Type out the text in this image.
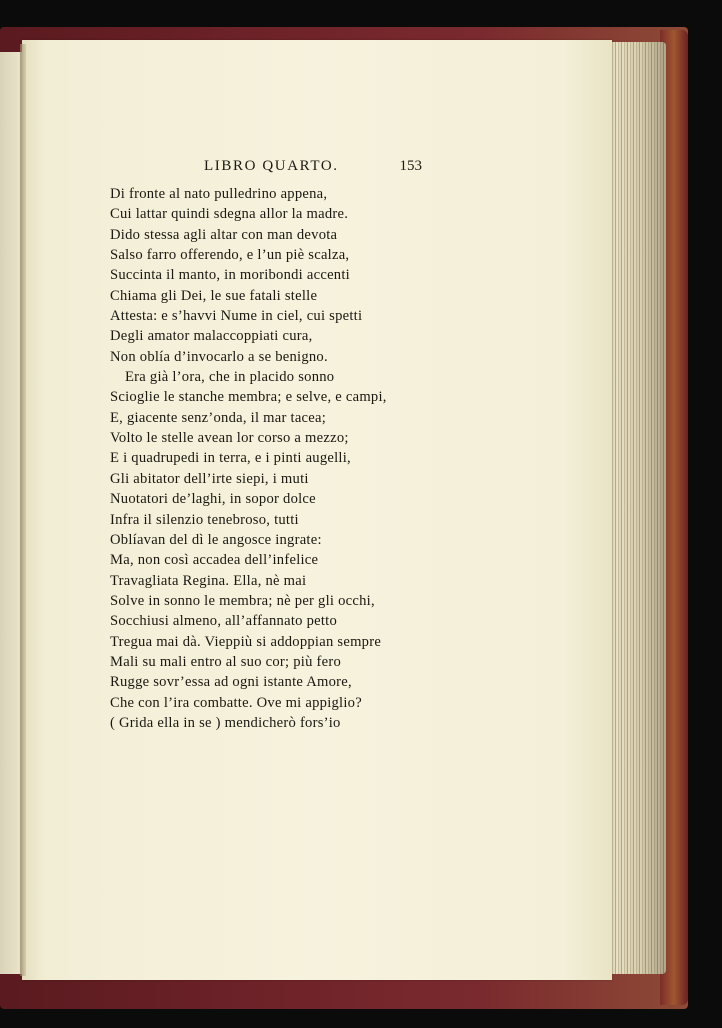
LIBRO QUARTO.	153
Di fronte al nato pulledrino appena,
Cui lattar quindi sdegna allor la madre.
Dido stessa agli altar con man devota
Salso farro offerendo, e l’un piè scalza,
Succinta il manto, in moribondi accenti
Chiama gli Dei, le sue fatali stelle
Attesta: e s’havvi Nume in ciel, cui spetti
Degli amator malaccoppiati cura,
Non oblía d’invocarlo a se benigno.
Era già l’ora, che in placido sonno
Scioglie le stanche membra; e selve, e campi,
E, giacente senz’onda, il mar tacea;
Volto le stelle avean lor corso a mezzo;
E i quadrupedi in terra, e i pinti augelli,
Gli abitator dell’irte siepi, i muti
Nuotatori de’laghi, in sopor dolce
Infra il silenzio tenebroso, tutti
Oblíavan del dì le angosce ingrate:
Ma, non così accadea dell’infelice
Travagliata Regina. Ella, nè mai
Solve in sonno le membra; nè per gli occhi,
Socchiusi almeno, all’affannato petto
Tregua mai dà. Vieppiù si addoppian sempre
Mali su mali entro al suo cor; più fero
Rugge sovr’essa ad ogni istante Amore,
Che con l’ira combatte. Ove mi appiglio?
( Grida ella in se ) mendicherò fors’io
